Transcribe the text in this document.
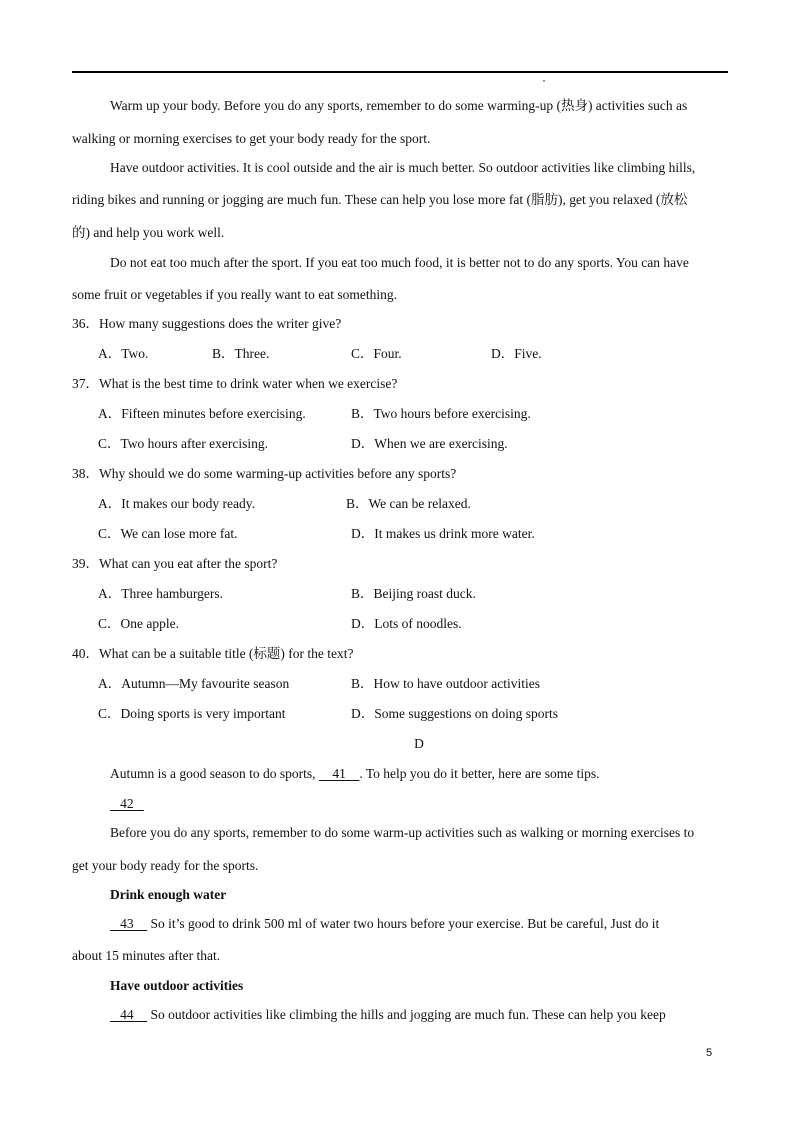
Warm up your body. Before you do any sports, remember to do some warming-up (热身) activities such as
walking or morning exercises to get your body ready for the sport.
Have outdoor activities. It is cool outside and the air is much better. So outdoor activities like climbing hills,
riding bikes and running or jogging are much fun. These can help you lose more fat (脂肪), get you relaxed (放松
的) and help you work well.
Do not eat too much after the sport. If you eat too much food, it is better not to do any sports. You can have
some fruit or vegetables if you really want to eat something.
36．How many suggestions does the writer give?
A．Two.	B．Three.	C．Four.	D．Five.
37．What is the best time to drink water when we exercise?
A．Fifteen minutes before exercising.	B．Two hours before exercising.
C．Two hours after exercising.	D．When we are exercising.
38．Why should we do some warming-up activities before any sports?
A．It makes our body ready.	B．We can be relaxed.
C．We can lose more fat.	D．It makes us drink more water.
39．What can you eat after the sport?
A．Three hamburgers.	B．Beijing roast duck.
C．One apple.	D．Lots of noodles.
40．What can be a suitable title (标题) for the text?
A．Autumn—My favourite season	B．How to have outdoor activities
C．Doing sports is very important	D．Some suggestions on doing sports
D
Autumn is a good season to do sports, 41 . To help you do it better, here are some tips.
42
Before you do any sports, remember to do some warm-up activities such as walking or morning exercises to
get your body ready for the sports.
Drink enough water
43 So it’s good to drink 500 ml of water two hours before your exercise. But be careful, Just do it
about 15 minutes after that.
Have outdoor activities
44 So outdoor activities like climbing the hills and jogging are much fun. These can help you keep
5
